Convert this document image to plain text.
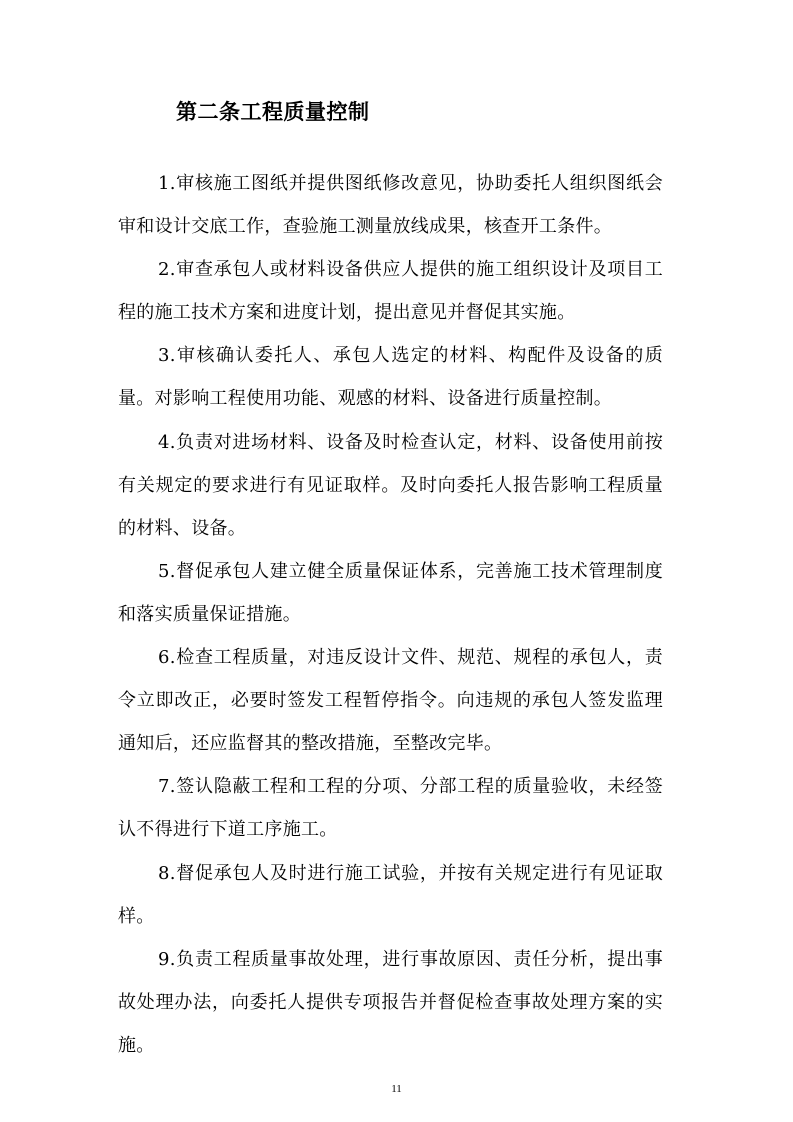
第二条工程质量控制

1.审核施工图纸并提供图纸修改意见，协助委托人组织图纸会审和设计交底工作，查验施工测量放线成果，核查开工条件。

2.审查承包人或材料设备供应人提供的施工组织设计及项目工程的施工技术方案和进度计划，提出意见并督促其实施。

3.审核确认委托人、承包人选定的材料、构配件及设备的质量。对影响工程使用功能、观感的材料、设备进行质量控制。

4.负责对进场材料、设备及时检查认定，材料、设备使用前按有关规定的要求进行有见证取样。及时向委托人报告影响工程质量的材料、设备。

5.督促承包人建立健全质量保证体系，完善施工技术管理制度和落实质量保证措施。

6.检查工程质量，对违反设计文件、规范、规程的承包人，责令立即改正，必要时签发工程暂停指令。向违规的承包人签发监理通知后，还应监督其的整改措施，至整改完毕。

7.签认隐蔽工程和工程的分项、分部工程的质量验收，未经签认不得进行下道工序施工。

8.督促承包人及时进行施工试验，并按有关规定进行有见证取样。

9.负责工程质量事故处理，进行事故原因、责任分析，提出事故处理办法，向委托人提供专项报告并督促检查事故处理方案的实施。

11
